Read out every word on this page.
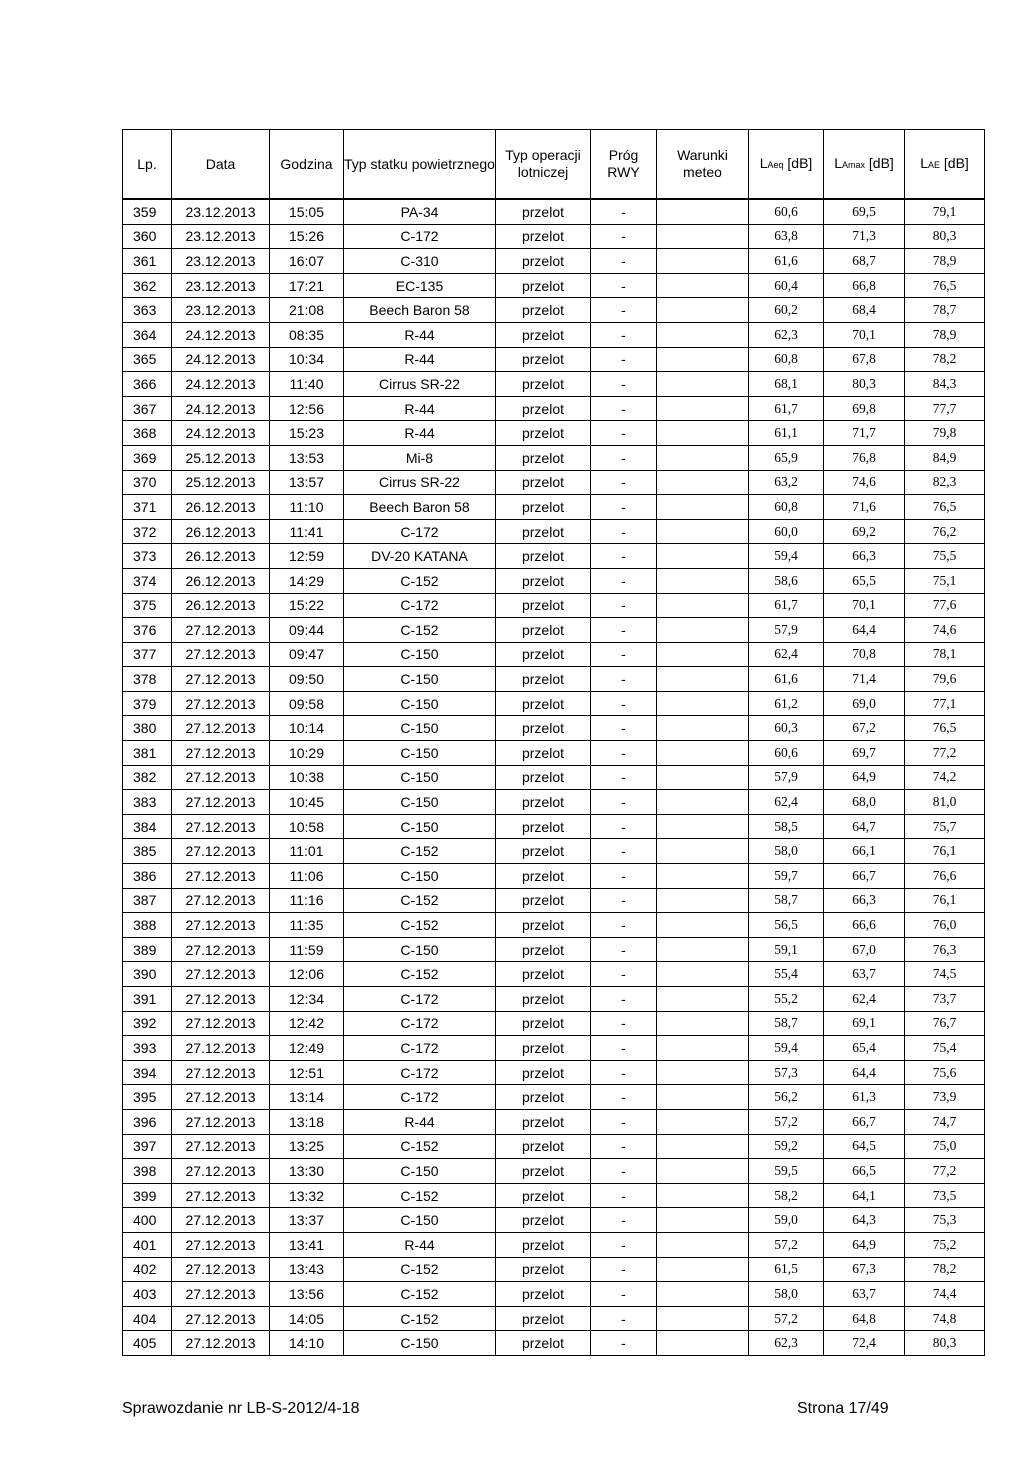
Lp.	Data	Godzina	Typ statku powietrznego	Typ operacji lotniczej	Próg RWY	Warunki meteo	LAeq [dB]	LAmax [dB]	LAE [dB]
359	23.12.2013	15:05	PA-34	przelot	-		60,6	69,5	79,1
360	23.12.2013	15:26	C-172	przelot	-		63,8	71,3	80,3
361	23.12.2013	16:07	C-310	przelot	-		61,6	68,7	78,9
362	23.12.2013	17:21	EC-135	przelot	-		60,4	66,8	76,5
363	23.12.2013	21:08	Beech Baron 58	przelot	-		60,2	68,4	78,7
364	24.12.2013	08:35	R-44	przelot	-		62,3	70,1	78,9
365	24.12.2013	10:34	R-44	przelot	-		60,8	67,8	78,2
366	24.12.2013	11:40	Cirrus SR-22	przelot	-		68,1	80,3	84,3
367	24.12.2013	12:56	R-44	przelot	-		61,7	69,8	77,7
368	24.12.2013	15:23	R-44	przelot	-		61,1	71,7	79,8
369	25.12.2013	13:53	Mi-8	przelot	-		65,9	76,8	84,9
370	25.12.2013	13:57	Cirrus SR-22	przelot	-		63,2	74,6	82,3
371	26.12.2013	11:10	Beech Baron 58	przelot	-		60,8	71,6	76,5
372	26.12.2013	11:41	C-172	przelot	-		60,0	69,2	76,2
373	26.12.2013	12:59	DV-20 KATANA	przelot	-		59,4	66,3	75,5
374	26.12.2013	14:29	C-152	przelot	-		58,6	65,5	75,1
375	26.12.2013	15:22	C-172	przelot	-		61,7	70,1	77,6
376	27.12.2013	09:44	C-152	przelot	-		57,9	64,4	74,6
377	27.12.2013	09:47	C-150	przelot	-		62,4	70,8	78,1
378	27.12.2013	09:50	C-150	przelot	-		61,6	71,4	79,6
379	27.12.2013	09:58	C-150	przelot	-		61,2	69,0	77,1
380	27.12.2013	10:14	C-150	przelot	-		60,3	67,2	76,5
381	27.12.2013	10:29	C-150	przelot	-		60,6	69,7	77,2
382	27.12.2013	10:38	C-150	przelot	-		57,9	64,9	74,2
383	27.12.2013	10:45	C-150	przelot	-		62,4	68,0	81,0
384	27.12.2013	10:58	C-150	przelot	-		58,5	64,7	75,7
385	27.12.2013	11:01	C-152	przelot	-		58,0	66,1	76,1
386	27.12.2013	11:06	C-150	przelot	-		59,7	66,7	76,6
387	27.12.2013	11:16	C-152	przelot	-		58,7	66,3	76,1
388	27.12.2013	11:35	C-152	przelot	-		56,5	66,6	76,0
389	27.12.2013	11:59	C-150	przelot	-		59,1	67,0	76,3
390	27.12.2013	12:06	C-152	przelot	-		55,4	63,7	74,5
391	27.12.2013	12:34	C-172	przelot	-		55,2	62,4	73,7
392	27.12.2013	12:42	C-172	przelot	-		58,7	69,1	76,7
393	27.12.2013	12:49	C-172	przelot	-		59,4	65,4	75,4
394	27.12.2013	12:51	C-172	przelot	-		57,3	64,4	75,6
395	27.12.2013	13:14	C-172	przelot	-		56,2	61,3	73,9
396	27.12.2013	13:18	R-44	przelot	-		57,2	66,7	74,7
397	27.12.2013	13:25	C-152	przelot	-		59,2	64,5	75,0
398	27.12.2013	13:30	C-150	przelot	-		59,5	66,5	77,2
399	27.12.2013	13:32	C-152	przelot	-		58,2	64,1	73,5
400	27.12.2013	13:37	C-150	przelot	-		59,0	64,3	75,3
401	27.12.2013	13:41	R-44	przelot	-		57,2	64,9	75,2
402	27.12.2013	13:43	C-152	przelot	-		61,5	67,3	78,2
403	27.12.2013	13:56	C-152	przelot	-		58,0	63,7	74,4
404	27.12.2013	14:05	C-152	przelot	-		57,2	64,8	74,8
405	27.12.2013	14:10	C-150	przelot	-		62,3	72,4	80,3
Sprawozdanie nr LB-S-2012/4-18	Strona 17/49
